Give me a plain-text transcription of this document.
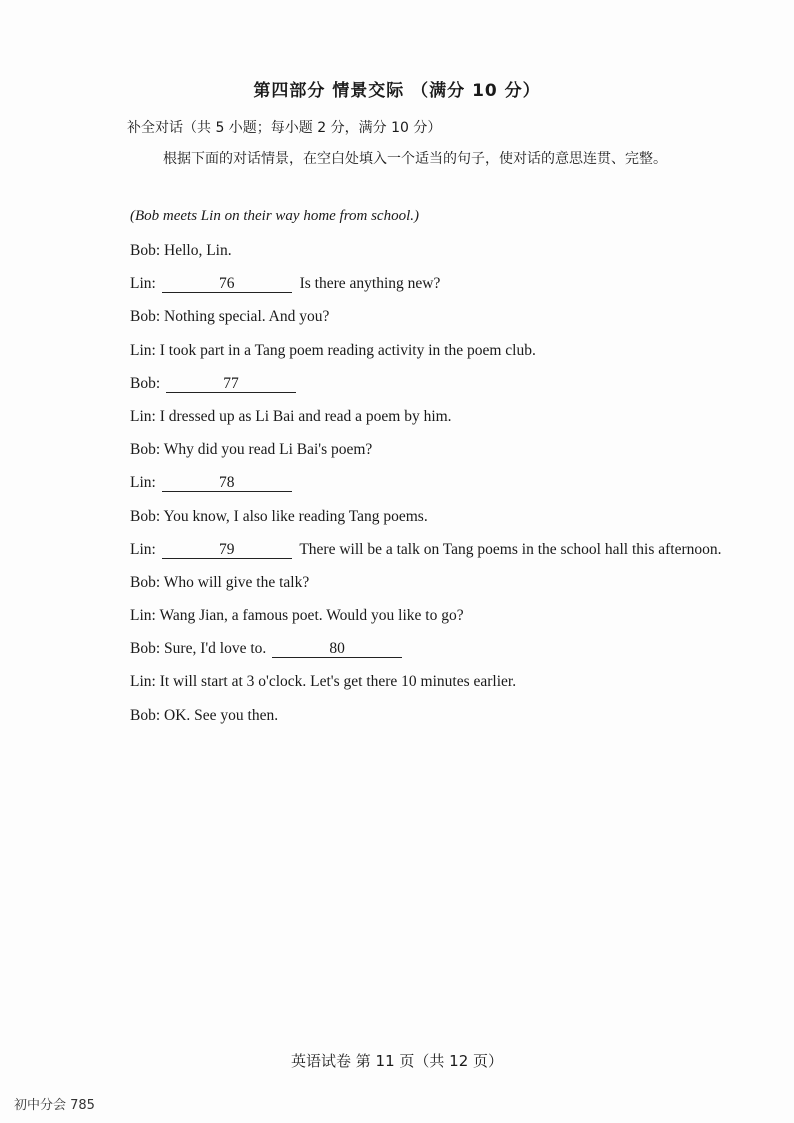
第四部分 情景交际 （满分 10 分）
补全对话（共 5 小题；每小题 2 分，满分 10 分）
根据下面的对话情景，在空白处填入一个适当的句子，使对话的意思连贯、完整。
(Bob meets Lin on their way home from school.)
Bob: Hello, Lin.
Lin:	76	Is there anything new?
Bob: Nothing special. And you?
Lin: I took part in a Tang poem reading activity in the poem club.
Bob:	77
Lin: I dressed up as Li Bai and read a poem by him.
Bob: Why did you read Li Bai's poem?
Lin:	78
Bob: You know, I also like reading Tang poems.
Lin:	79	There will be a talk on Tang poems in the school hall this afternoon.
Bob: Who will give the talk?
Lin: Wang Jian, a famous poet. Would you like to go?
Bob: Sure, I'd love to.	80
Lin: It will start at 3 o'clock. Let's get there 10 minutes earlier.
Bob: OK. See you then.
英语试卷 第 11 页（共 12 页）
初中分会 785
